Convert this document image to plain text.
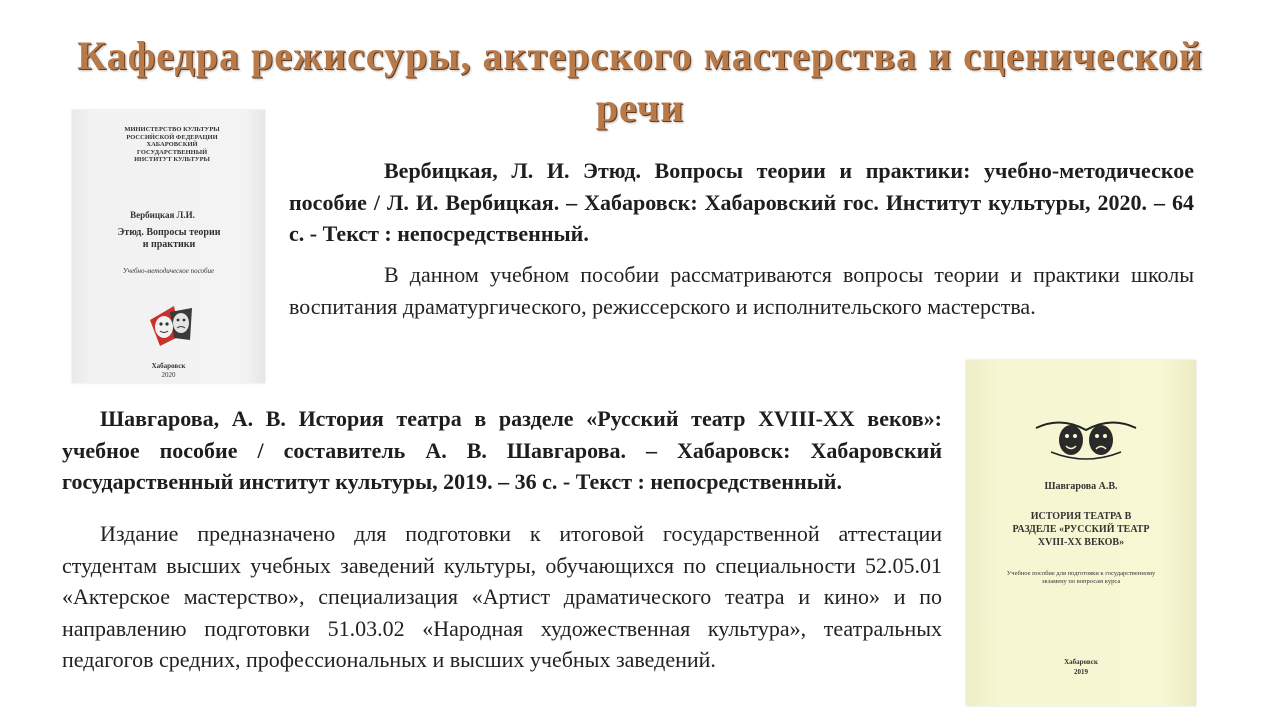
Кафедра режиссуры, актерского мастерства и сценической речи
МИНИСТЕРСТВО КУЛЬТУРЫ РОССИЙСКОЙ ФЕДЕРАЦИИ ХАБАРОВСКИЙ ГОСУДАРСТВЕННЫЙ ИНСТИТУТ КУЛЬТУРЫ
Вербицкая Л.И.
Этюд. Вопросы теории и практики
Учебно-методическое пособие
Хабаровск
2020

Вербицкая, Л. И. Этюд. Вопросы теории и практики: учебно-методическое пособие / Л. И. Вербицкая. – Хабаровск: Хабаровский гос. Институт культуры, 2020. – 64 с. - Текст : непосредственный.

В данном учебном пособии рассматриваются вопросы теории и практики школы воспитания драматургического, режиссерского и исполнительского мастерства.

Шавгарова, А. В. История театра в разделе «Русский театр XVIII-XX веков»: учебное пособие / составитель А. В. Шавгарова. – Хабаровск: Хабаровский государственный институт культуры, 2019. – 36 с. - Текст : непосредственный.

Издание предназначено для подготовки к итоговой государственной аттестации студентам высших учебных заведений культуры, обучающихся по специальности 52.05.01 «Актерское мастерство», специализация «Артист драматического театра и кино» и по направлению подготовки 51.03.02 «Народная художественная культура», театральных педагогов средних, профессиональных и высших учебных заведений.

Шавгарова А.В.
ИСТОРИЯ ТЕАТРА В РАЗДЕЛЕ «РУССКИЙ ТЕАТР XVIII-XX ВЕКОВ»
Учебное пособие для подготовки к государственному экзамену по вопросам курса
Хабаровск
2019
